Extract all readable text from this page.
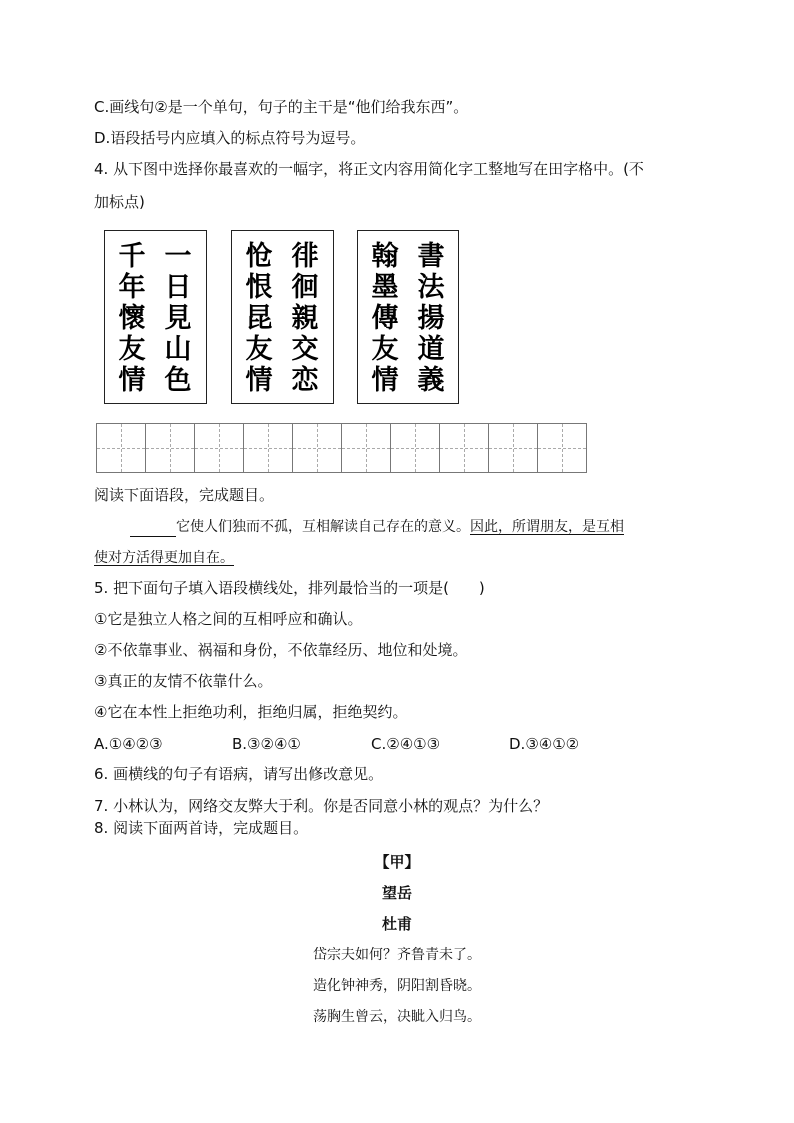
C.画线句②是一个单句，句子的主干是“他们给我东西”。
D.语段括号内应填入的标点符号为逗号。
4. 从下图中选择你最喜欢的一幅字，将正文内容用简化字工整地写在田字格中。(不
加标点)
千
年
懷
友
情
一
日
見
山
色
怆
恨
昆
友
情
徘
徊
親
交
恋
翰
墨
傳
友
情
書
法
揚
道
義
阅读下面语段，完成题目。
它使人们独而不孤，互相解读自己存在的意义。因此，所谓朋友，是互相
使对方活得更加自在。
5. 把下面句子填入语段横线处，排列最恰当的一项是(　　)
①它是独立人格之间的互相呼应和确认。
②不依靠事业、祸福和身份，不依靠经历、地位和处境。
③真正的友情不依靠什么。
④它在本性上拒绝功利，拒绝归属，拒绝契约。
A.①④②③	B.③②④①	C.②④①③	D.③④①②
6. 画横线的句子有语病，请写出修改意见。
7. 小林认为，网络交友弊大于利。你是否同意小林的观点？为什么？
8. 阅读下面两首诗，完成题目。
【甲】
望岳
杜甫
岱宗夫如何？齐鲁青未了。
造化钟神秀，阴阳割昏晓。
荡胸生曾云，决眦入归鸟。
